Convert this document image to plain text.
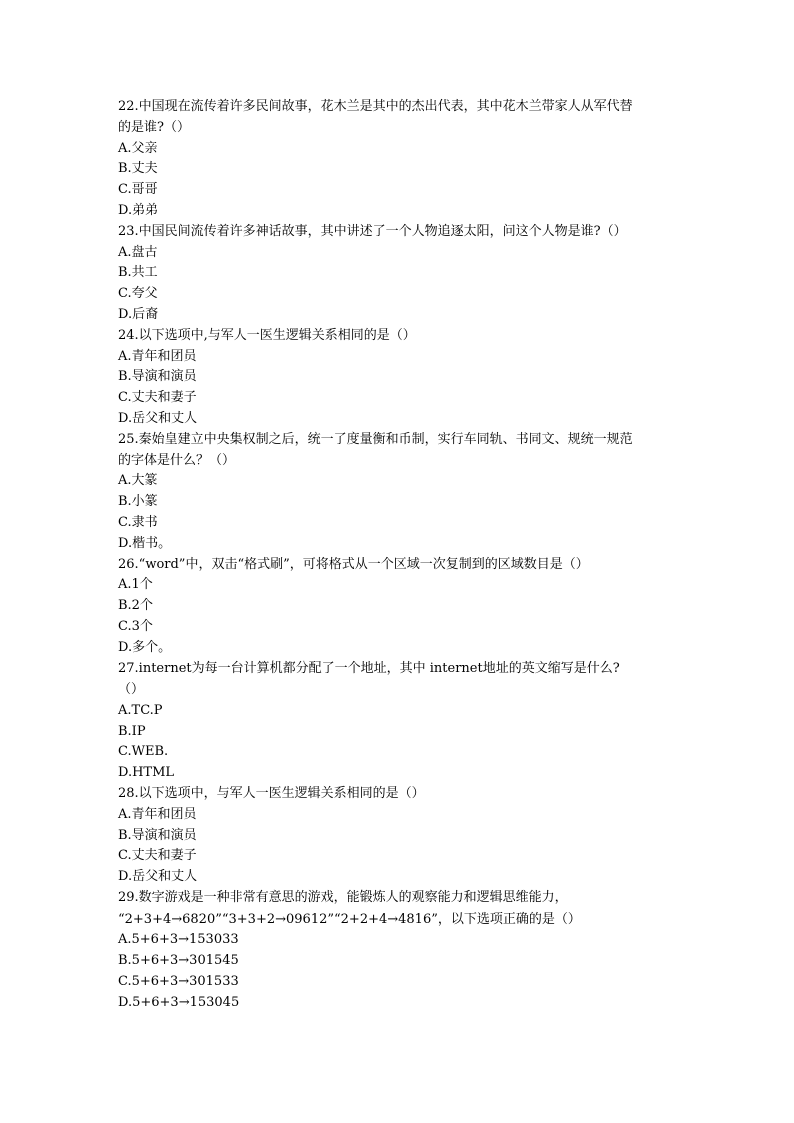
22.中国现在流传着许多民间故事，花木兰是其中的杰出代表，其中花木兰带家人从军代替
的是谁?（）
A.父亲
B.丈夫
C.哥哥
D.弟弟
23.中国民间流传着许多神话故事，其中讲述了一个人物追逐太阳，问这个人物是谁?（）
A.盘古
B.共工
C.夸父
D.后裔
24.以下选项中,与军人一医生逻辑关系相同的是（）
A.青年和团员
B.导演和演员
C.丈夫和妻子
D.岳父和丈人
25.秦始皇建立中央集权制之后，统一了度量衡和币制，实行车同轨、书同文、规统一规范
的字体是什么？（）
A.大篆
B.小篆
C.隶书
D.楷书。
26.“word”中，双击“格式刷”，可将格式从一个区域一次复制到的区域数目是（）
A.1个
B.2个
C.3个
D.多个。
27.internet为每一台计算机都分配了一个地址，其中 internet地址的英文缩写是什么?
（）
A.TC.P
B.IP
C.WEB.
D.HTML
28.以下选项中，与军人一医生逻辑关系相同的是（）
A.青年和团员
B.导演和演员
C.丈夫和妻子
D.岳父和丈人
29.数字游戏是一种非常有意思的游戏，能锻炼人的观察能力和逻辑思维能力，
“2+3+4→6820”“3+3+2→09612”“2+2+4→4816”，以下选项正确的是（）
A.5+6+3→153033
B.5+6+3→301545
C.5+6+3→301533
D.5+6+3→153045
